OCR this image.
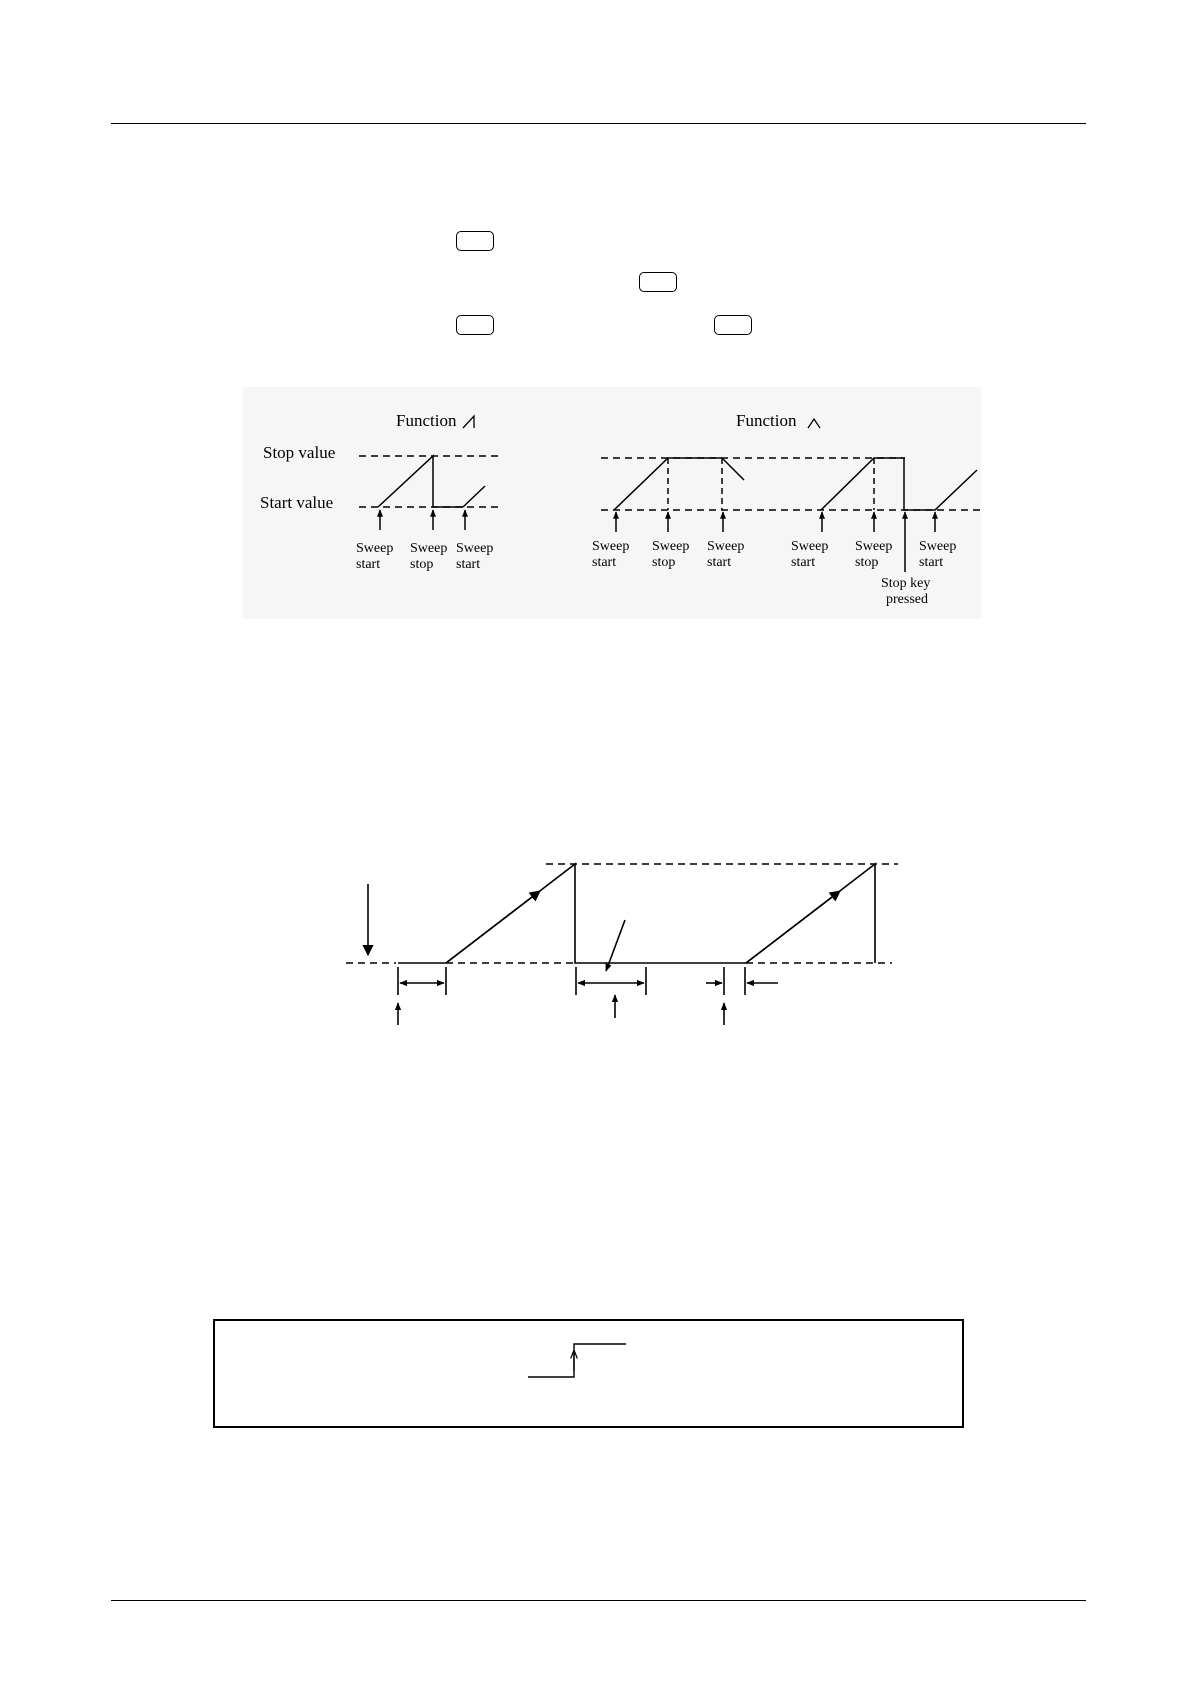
Function
Stop value
Start value
Sweep
start
Sweep
stop
Sweep
start
Function
Sweep
start
Sweep
stop
Sweep
start
Sweep
start
Sweep
stop
Sweep
start
Stop key
pressed
